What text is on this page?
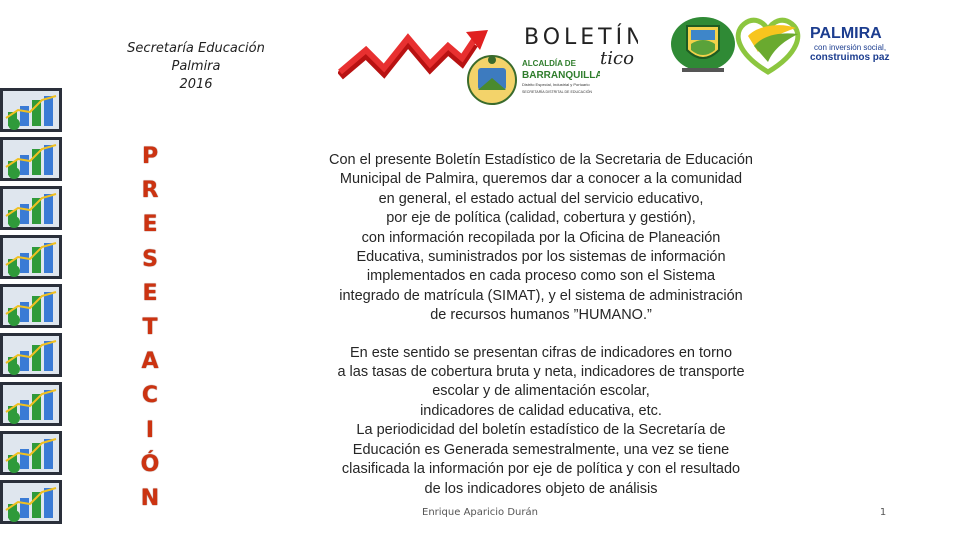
Secretaría Educación
Palmira
2016
BOLETÍN
tico
ALCALDÍA DE
BARRANQUILLA
Distrito Especial, Industrial y Portuario
SECRETARÍA DISTRITAL DE EDUCACIÓN
PALMIRA
con inversión social,
construimos paz
P
R
E
S
E
T
A
C
I
Ó
N

Con el presente Boletín Estadístico de la Secretaria de Educación
Municipal de Palmira, queremos dar a conocer a la comunidad
en general, el estado actual del servicio educativo,
por eje de política (calidad, cobertura y gestión),
con información recopilada por la Oficina de Planeación
Educativa, suministrados por los sistemas de información
implementados en cada proceso como son el Sistema
integrado de matrícula (SIMAT), y el sistema de administración
de recursos humanos ”HUMANO.”

En este sentido se presentan cifras de indicadores en torno
a las tasas de cobertura bruta y neta, indicadores de transporte
escolar y de alimentación escolar,
indicadores de calidad educativa, etc.
La periodicidad del boletín estadístico de la Secretaría de
Educación es Generada semestralmente, una vez se tiene
clasificada la información por eje de política y con el resultado
de los indicadores objeto de análisis

Enrique Aparicio Durán	1
